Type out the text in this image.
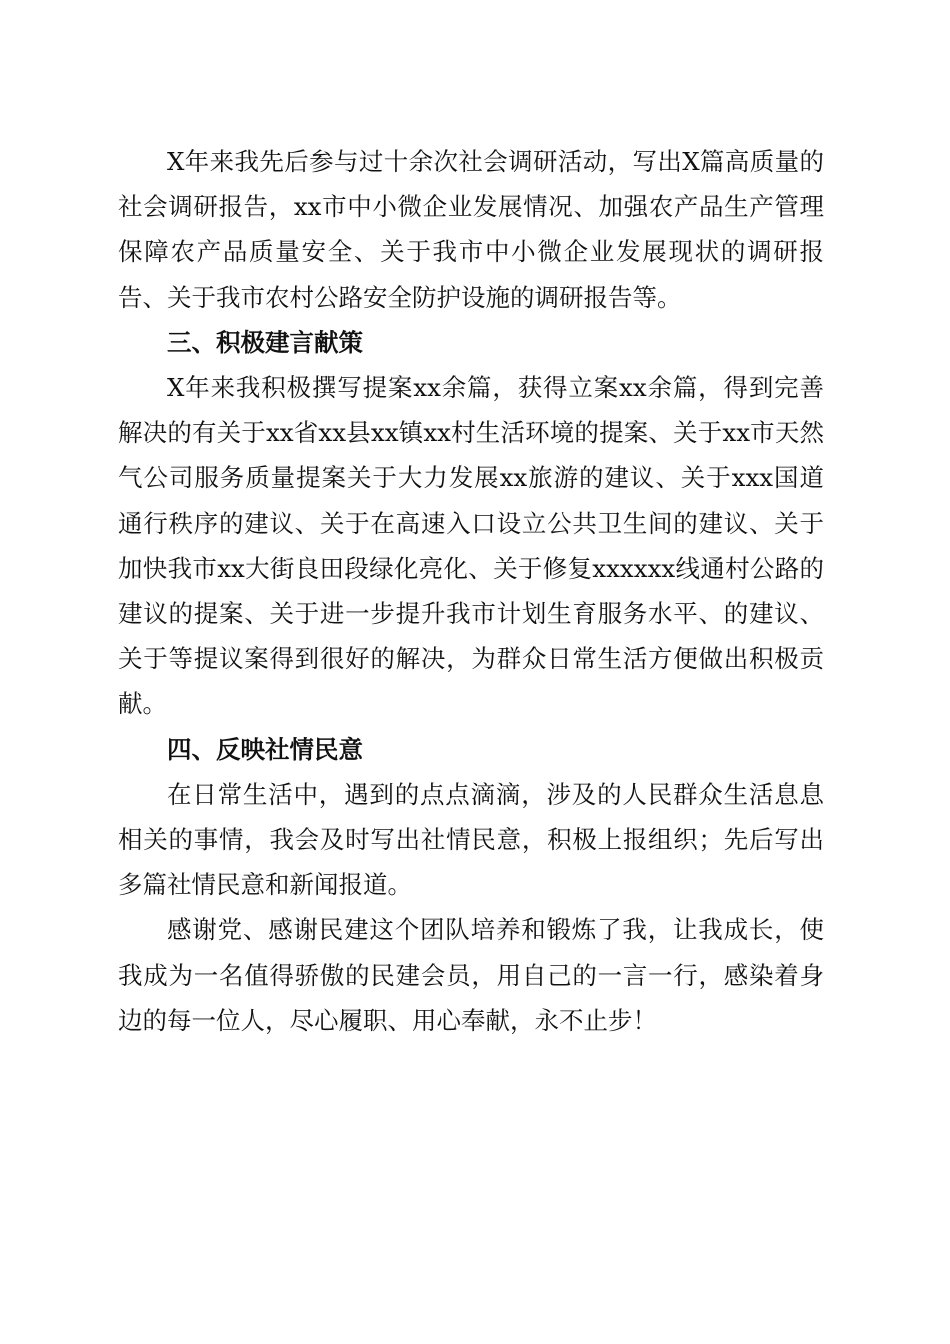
X年来我先后参与过十余次社会调研活动，写出X篇高质量的社会调研报告，xx市中小微企业发展情况、加强农产品生产管理保障农产品质量安全、关于我市中小微企业发展现状的调研报告、关于我市农村公路安全防护设施的调研报告等。

三、积极建言献策

X年来我积极撰写提案xx余篇，获得立案xx余篇，得到完善解决的有关于xx省xx县xx镇xx村生活环境的提案、关于xx市天然气公司服务质量提案关于大力发展xx旅游的建议、关于xxx国道通行秩序的建议、关于在高速入口设立公共卫生间的建议、关于加快我市xx大街良田段绿化亮化、关于修复xxxxxx线通村公路的建议的提案、关于进一步提升我市计划生育服务水平、的建议、关于等提议案得到很好的解决，为群众日常生活方便做出积极贡献。

四、反映社情民意

在日常生活中，遇到的点点滴滴，涉及的人民群众生活息息相关的事情，我会及时写出社情民意，积极上报组织；先后写出多篇社情民意和新闻报道。

感谢党、感谢民建这个团队培养和锻炼了我，让我成长，使我成为一名值得骄傲的民建会员，用自己的一言一行，感染着身边的每一位人，尽心履职、用心奉献，永不止步！
